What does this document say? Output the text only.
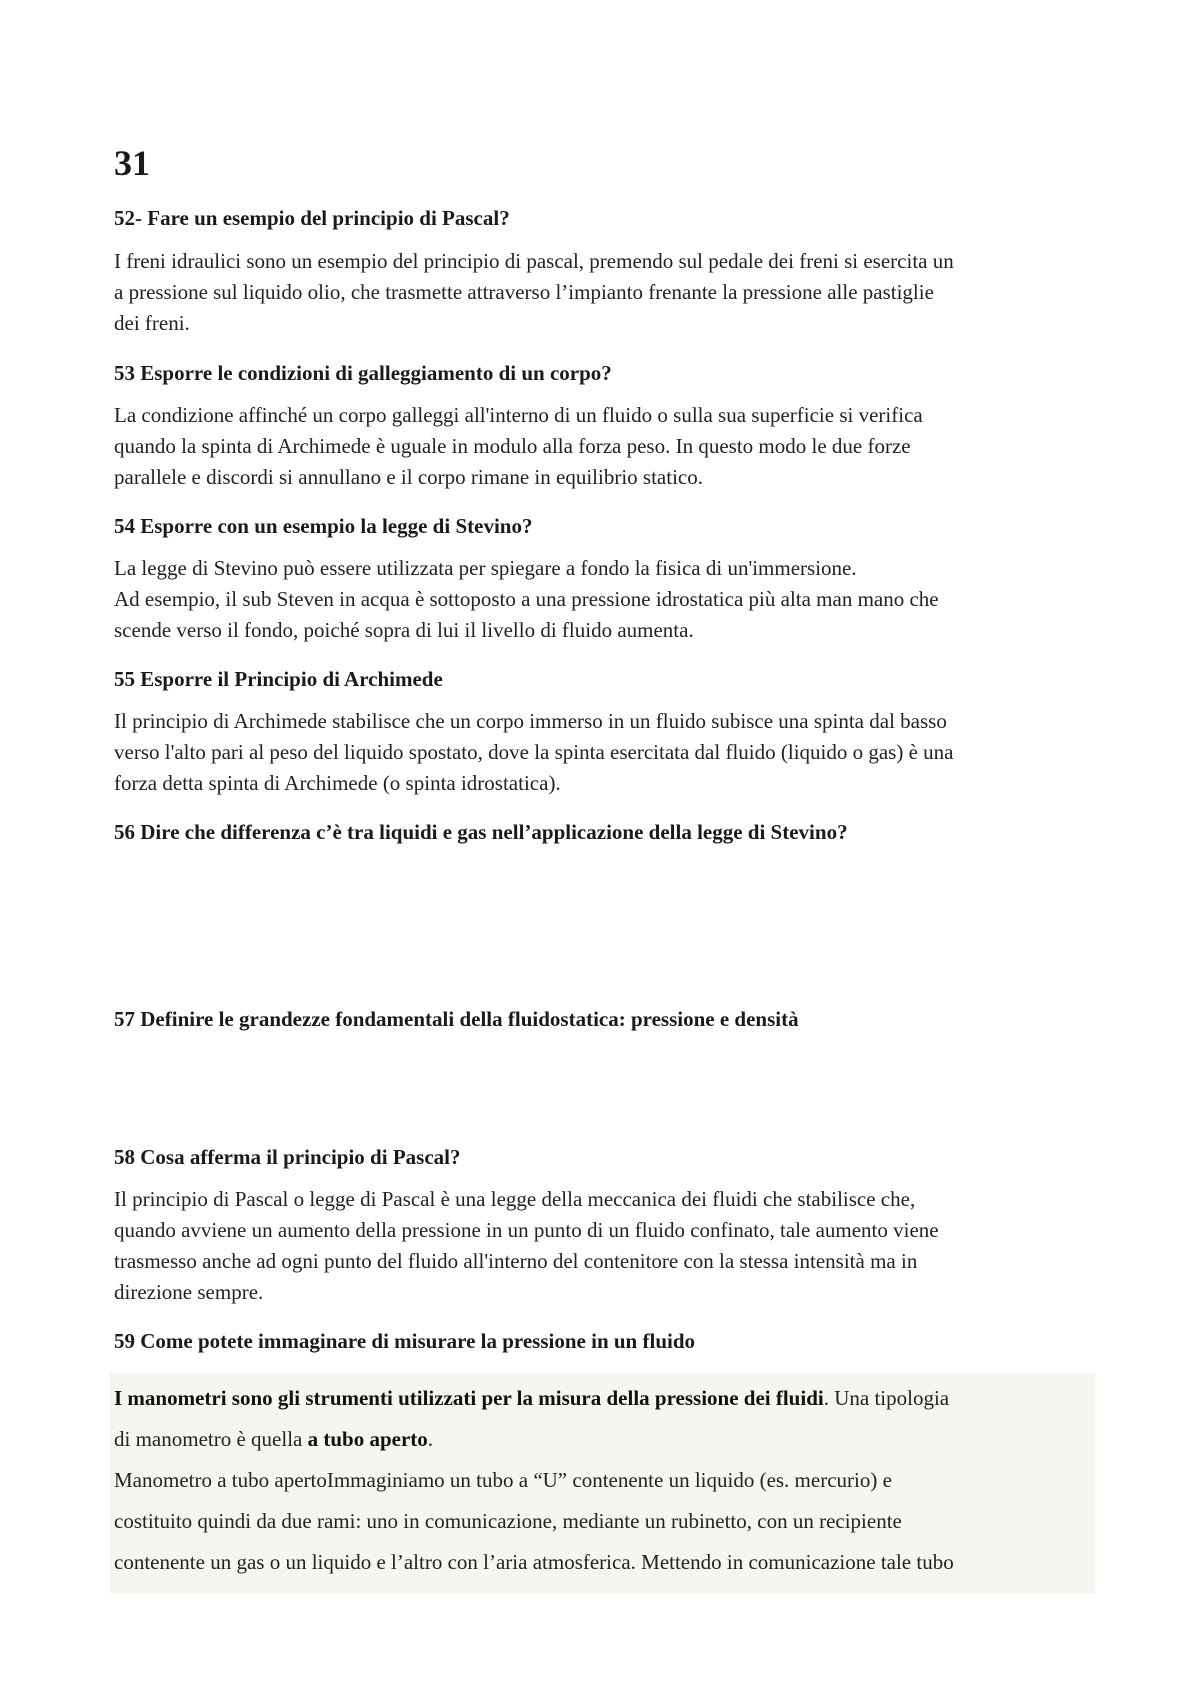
31

52- Fare un esempio del principio di Pascal?

I freni idraulici sono un esempio del principio di pascal, premendo sul pedale dei freni si esercita un
a pressione sul liquido olio, che trasmette attraverso l’impianto frenante la pressione alle pastiglie
dei freni.

53 Esporre le condizioni di galleggiamento di un corpo?

La condizione affinché un corpo galleggi all'interno di un fluido o sulla sua superficie si verifica
quando la spinta di Archimede è uguale in modulo alla forza peso. In questo modo le due forze
parallele e discordi si annullano e il corpo rimane in equilibrio statico.

54 Esporre con un esempio la legge di Stevino?

La legge di Stevino può essere utilizzata per spiegare a fondo la fisica di un'immersione.
Ad esempio, il sub Steven in acqua è sottoposto a una pressione idrostatica più alta man mano che
scende verso il fondo, poiché sopra di lui il livello di fluido aumenta.

55 Esporre il Principio di Archimede

Il principio di Archimede stabilisce che un corpo immerso in un fluido subisce una spinta dal basso
verso l'alto pari al peso del liquido spostato, dove la spinta esercitata dal fluido (liquido o gas) è una
forza detta spinta di Archimede (o spinta idrostatica).

56 Dire che differenza c’è tra liquidi e gas nell’applicazione della legge di Stevino?

57 Definire le grandezze fondamentali della fluidostatica: pressione e densità

58 Cosa afferma il principio di Pascal?

Il principio di Pascal o legge di Pascal è una legge della meccanica dei fluidi che stabilisce che,
quando avviene un aumento della pressione in un punto di un fluido confinato, tale aumento viene
trasmesso anche ad ogni punto del fluido all'interno del contenitore con la stessa intensità ma in
direzione sempre.

59 Come potete immaginare di misurare la pressione in un fluido

I manometri sono gli strumenti utilizzati per la misura della pressione dei fluidi. Una tipologia
di manometro è quella a tubo aperto.
Manometro a tubo apertoImmaginiamo un tubo a “U” contenente un liquido (es. mercurio) e
costituito quindi da due rami: uno in comunicazione, mediante un rubinetto, con un recipiente
contenente un gas o un liquido e l’altro con l’aria atmosferica. Mettendo in comunicazione tale tubo
